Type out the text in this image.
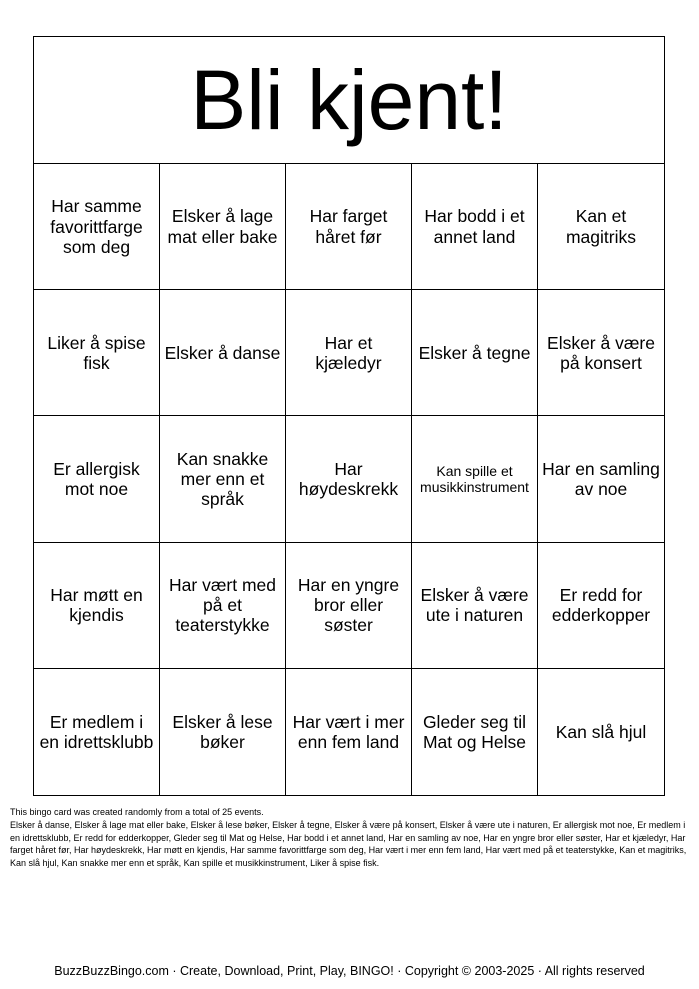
Bli kjent!
Har samme favorittfarge som deg
Elsker å lage mat eller bake
Har farget håret før
Har bodd i et annet land
Kan et magitriks
Liker å spise fisk
Elsker å danse
Har et kjæledyr
Elsker å tegne
Elsker å være på konsert
Er allergisk mot noe
Kan snakke mer enn et språk
Har høydeskrekk
Kan spille et musikkinstrument
Har en samling av noe
Har møtt en kjendis
Har vært med på et teaterstykke
Har en yngre bror eller søster
Elsker å være ute i naturen
Er redd for edderkopper
Er medlem i en idrettsklubb
Elsker å lese bøker
Har vært i mer enn fem land
Gleder seg til Mat og Helse
Kan slå hjul
This bingo card was created randomly from a total of 25 events.
Elsker å danse, Elsker å lage mat eller bake, Elsker å lese bøker, Elsker å tegne, Elsker å være på konsert, Elsker å være ute i naturen, Er allergisk mot noe, Er medlem i en idrettsklubb, Er redd for edderkopper, Gleder seg til Mat og Helse, Har bodd i et annet land, Har en samling av noe, Har en yngre bror eller søster, Har et kjæledyr, Har farget håret før, Har høydeskrekk, Har møtt en kjendis, Har samme favorittfarge som deg, Har vært i mer enn fem land, Har vært med på et teaterstykke, Kan et magitriks, Kan slå hjul, Kan snakke mer enn et språk, Kan spille et musikkinstrument, Liker å spise fisk.
BuzzBuzzBingo.com · Create, Download, Print, Play, BINGO! · Copyright © 2003-2025 · All rights reserved
